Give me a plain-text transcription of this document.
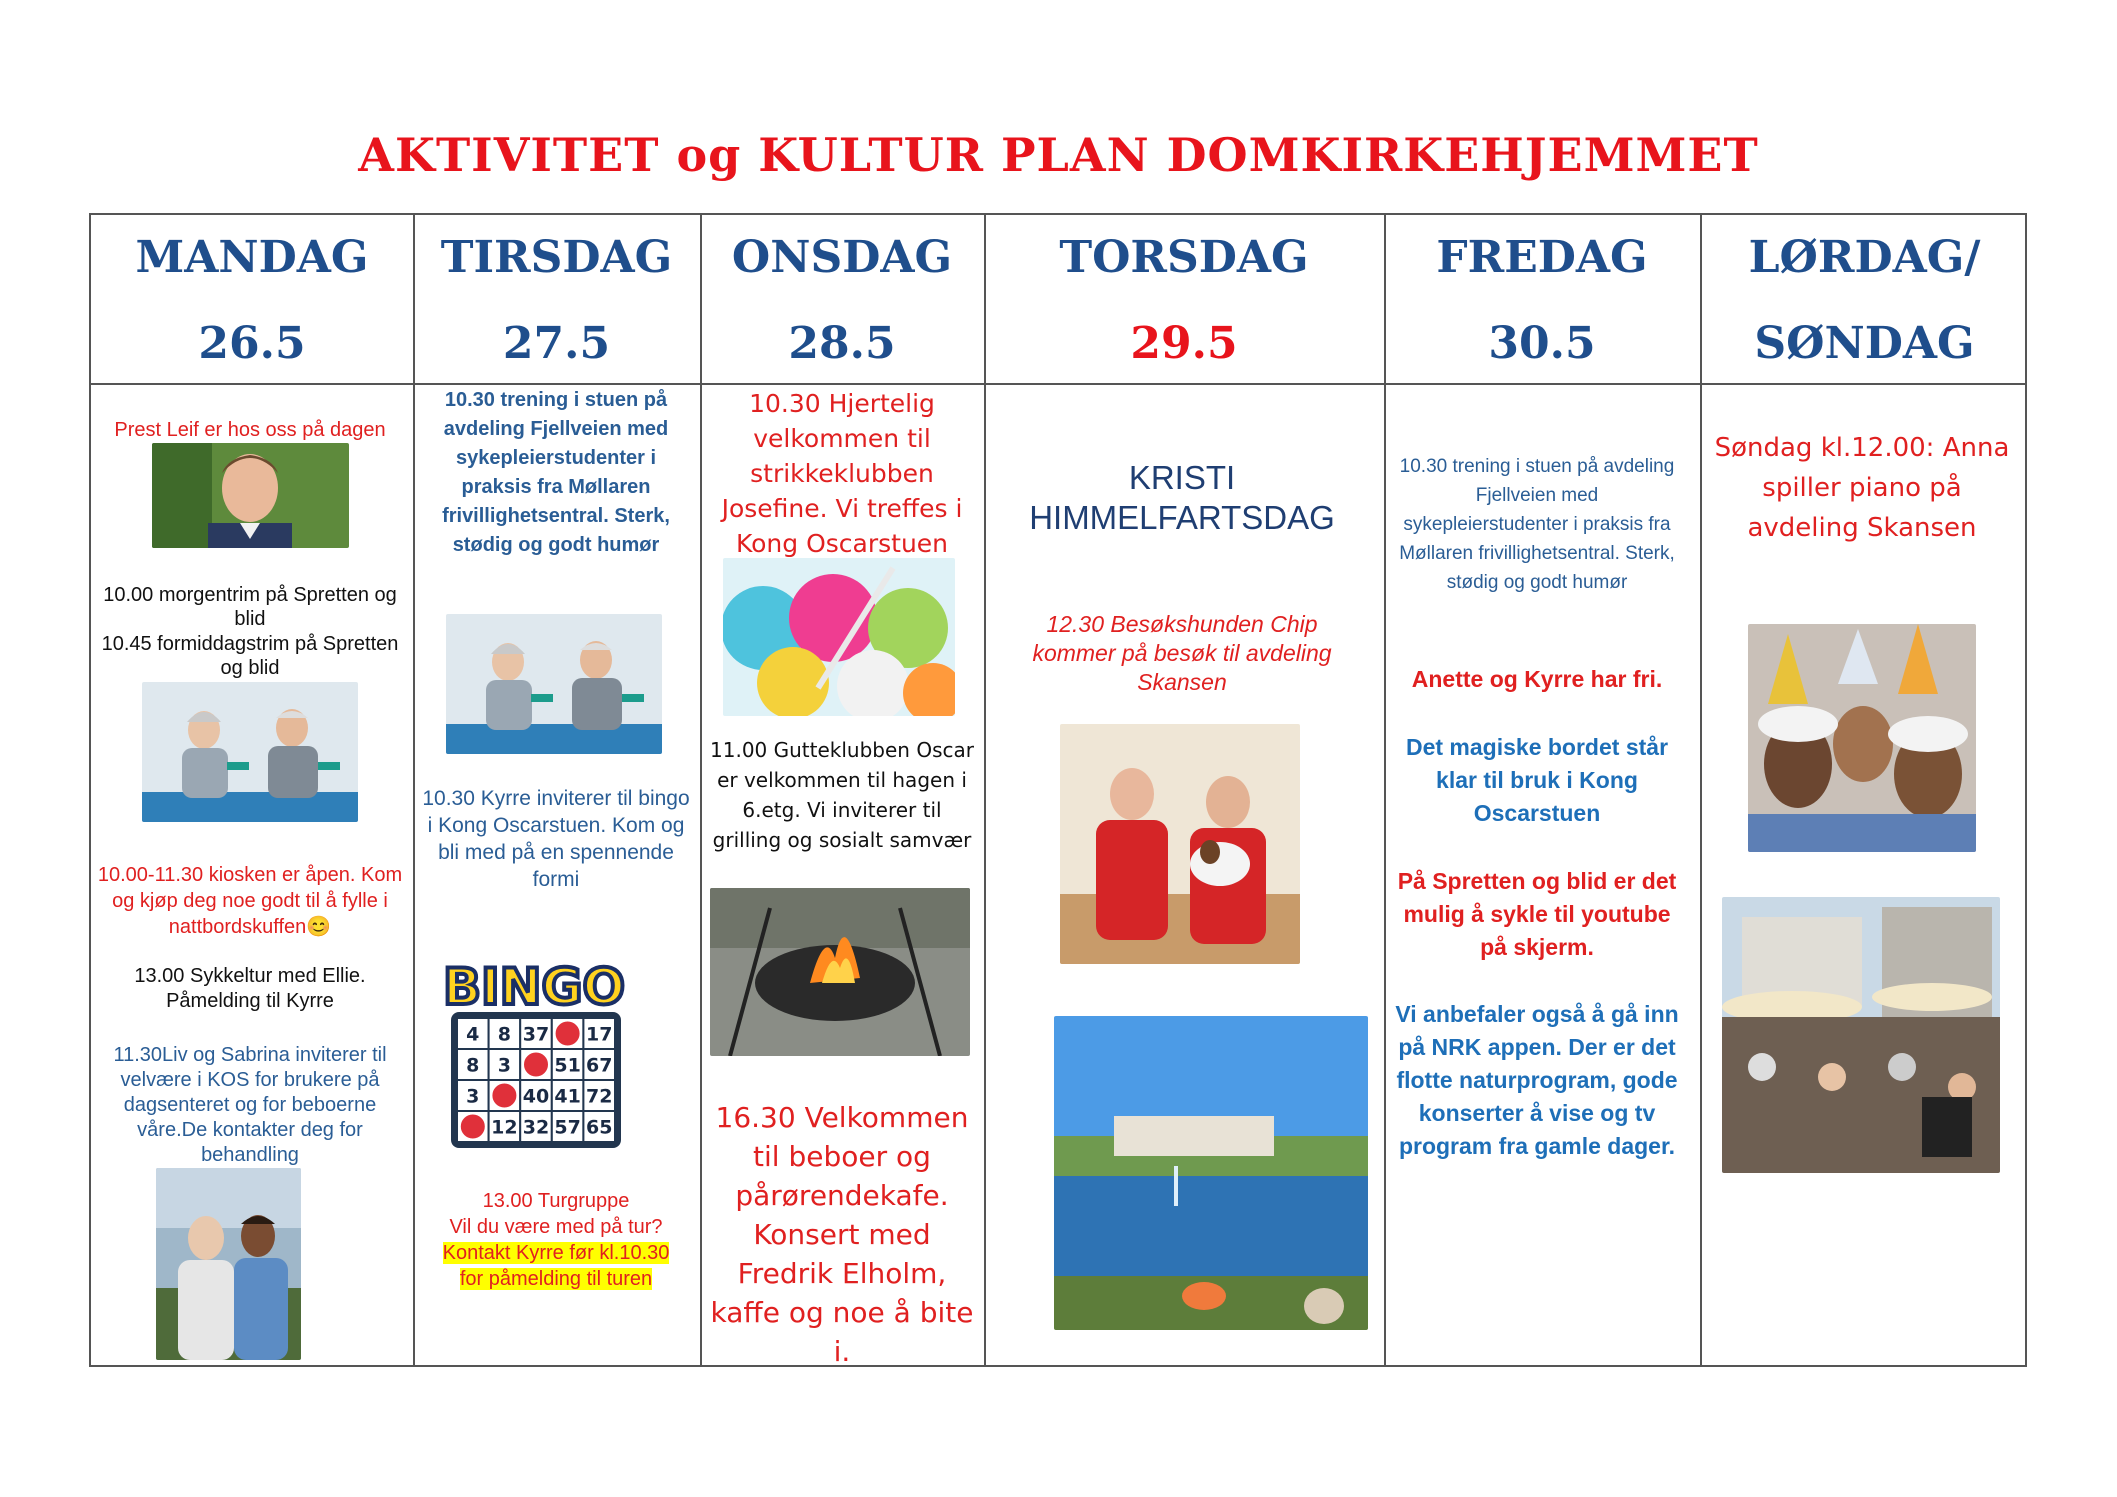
AKTIVITET og KULTUR PLAN DOMKIRKEHJEMMET
MANDAG
26.5
TIRSDAG
27.5
ONSDAG
28.5
TORSDAG
29.5
FREDAG
30.5
LØRDAG/
SØNDAG
Prest Leif er hos oss på dagen
10.00 morgentrim på Spretten og blid
10.45 formiddagstrim på Spretten og blid
10.00-11.30 kiosken er åpen. Kom og kjøp deg noe godt til å fylle i nattbordskuffen😊
13.00 Sykkeltur med Ellie. Påmelding til Kyrre
11.30Liv og Sabrina inviterer til velvære i KOS for brukere på dagsenteret og for beboerne våre.De kontakter deg for behandling
10.30 trening i stuen på avdeling Fjellveien med sykepleierstudenter i praksis fra Møllaren frivillighetsentral. Sterk, stødig og godt humør
10.30 Kyrre inviterer til bingo i Kong Oscarstuen. Kom og bli med på en spennende formi
BINGO
4 8 37 17
8 3 51 67
3 40 41 72
12 32 57 65
13.00 Turgruppe
Vil du være med på tur?
Kontakt Kyrre før kl.10.30
for påmelding til turen
10.30 Hjertelig velkommen til strikkeklubben Josefine. Vi treffes i Kong Oscarstuen
11.00 Gutteklubben Oscar er velkommen til hagen i 6.etg. Vi inviterer til grilling og sosialt samvær
16.30 Velkommen til beboer og pårørendekafe. Konsert med Fredrik Elholm, kaffe og noe å bite i.
KRISTI HIMMELFARTSDAG
12.30 Besøkshunden Chip kommer på besøk til avdeling Skansen
10.30 trening i stuen på avdeling Fjellveien med sykepleierstudenter i praksis fra Møllaren frivillighetsentral. Sterk, stødig og godt humør
Anette og Kyrre har fri.
Det magiske bordet står klar til bruk i Kong Oscarstuen
På Spretten og blid er det mulig å sykle til youtube på skjerm.
Vi anbefaler også å gå inn på NRK appen. Der er det flotte naturprogram, gode konserter å vise og tv program fra gamle dager.
Søndag kl.12.00: Anna spiller piano på avdeling Skansen
